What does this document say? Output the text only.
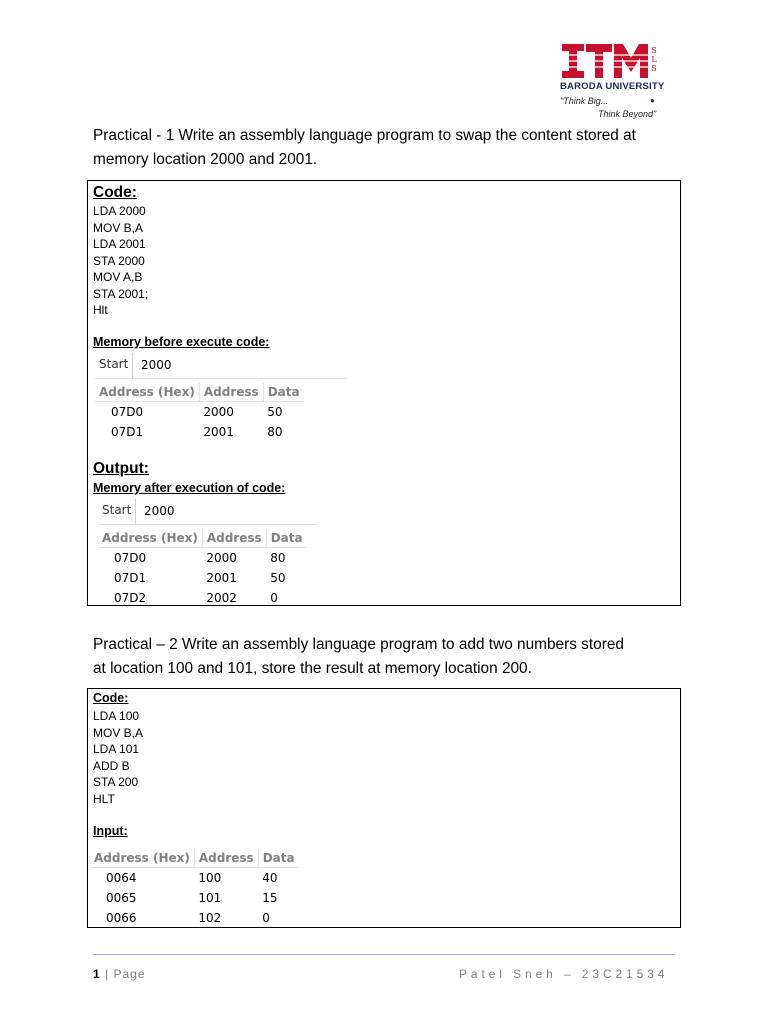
S
L
S
BARODA UNIVERSITY
"Think Big...	●
Think Beyond"
Practical - 1 Write an assembly language program to swap the content stored at
memory location 2000 and 2001.
Code:
LDA 2000
MOV B,A
LDA 2001
STA 2000
MOV A,B
STA 2001;
Hlt
Memory before execute code:
Start	2000
Address (Hex)	Address	Data
07D0	2000	50
07D1	2001	80
Output:
Memory after execution of code:
Start	2000
Address (Hex)	Address	Data
07D0	2000	80
07D1	2001	50
07D2	2002	0
Practical – 2 Write an assembly language program to add two numbers stored
at location 100 and 101, store the result at memory location 200.
Code:
LDA 100
MOV B,A
LDA 101
ADD B
STA 200
HLT
Input:
Address (Hex)	Address	Data
0064	100	40
0065	101	15
0066	102	0
1 | Page	Patel Sneh – 23C21534
